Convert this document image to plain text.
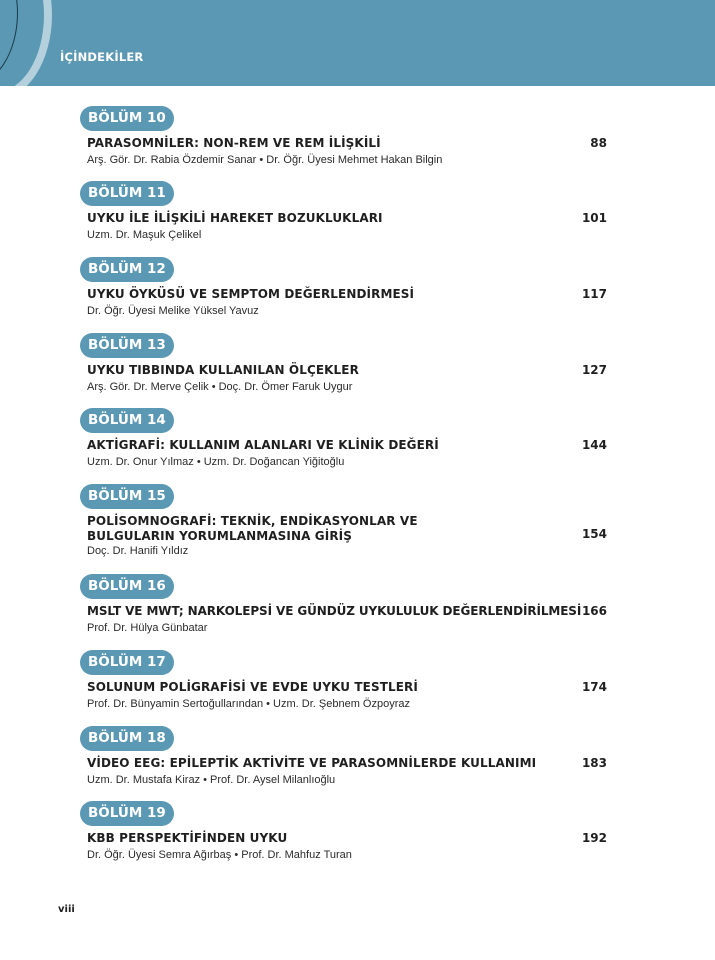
İÇİNDEKİLER
BÖLÜM 10
PARASOMNİLER: NON-REM VE REM İLİŞKİLİ	88
Arş. Gör. Dr. Rabia Özdemir Sanar • Dr. Öğr. Üyesi Mehmet Hakan Bilgin
BÖLÜM 11
UYKU İLE İLİŞKİLİ HAREKET BOZUKLUKLARI	101
Uzm. Dr. Maşuk Çelikel
BÖLÜM 12
UYKU ÖYKÜSÜ VE SEMPTOM DEĞERLENDİRMESİ	117
Dr. Öğr. Üyesi Melike Yüksel Yavuz
BÖLÜM 13
UYKU TIBBINDA KULLANILAN ÖLÇEKLER	127
Arş. Gör. Dr. Merve Çelik • Doç. Dr. Ömer Faruk Uygur
BÖLÜM 14
AKTİGRAFİ: KULLANIM ALANLARI VE KLİNİK DEĞERİ	144
Uzm. Dr. Onur Yılmaz • Uzm. Dr. Doğancan Yiğitoğlu
BÖLÜM 15
POLİSOMNOGRAFİ: TEKNİK, ENDİKASYONLAR VE BULGULARIN YORUMLANMASINA GİRİŞ	154
Doç. Dr. Hanifi Yıldız
BÖLÜM 16
MSLT VE MWT; NARKOLEPSİ VE GÜNDÜZ UYKULULUK DEĞERLENDİRİLMESİ 166
Prof. Dr. Hülya Günbatar
BÖLÜM 17
SOLUNUM POLİGRAFİSİ VE EVDE UYKU TESTLERİ	174
Prof. Dr. Bünyamin Sertoğullarından • Uzm. Dr. Şebnem Özpoyraz
BÖLÜM 18
VİDEO EEG: EPİLEPTİK AKTİVİTE VE PARASOMNİLERDE KULLANIMI	183
Uzm. Dr. Mustafa Kiraz • Prof. Dr. Aysel Milanlıoğlu
BÖLÜM 19
KBB PERSPEKTİFİNDEN UYKU	192
Dr. Öğr. Üyesi Semra Ağırbaş • Prof. Dr. Mahfuz Turan
viii
